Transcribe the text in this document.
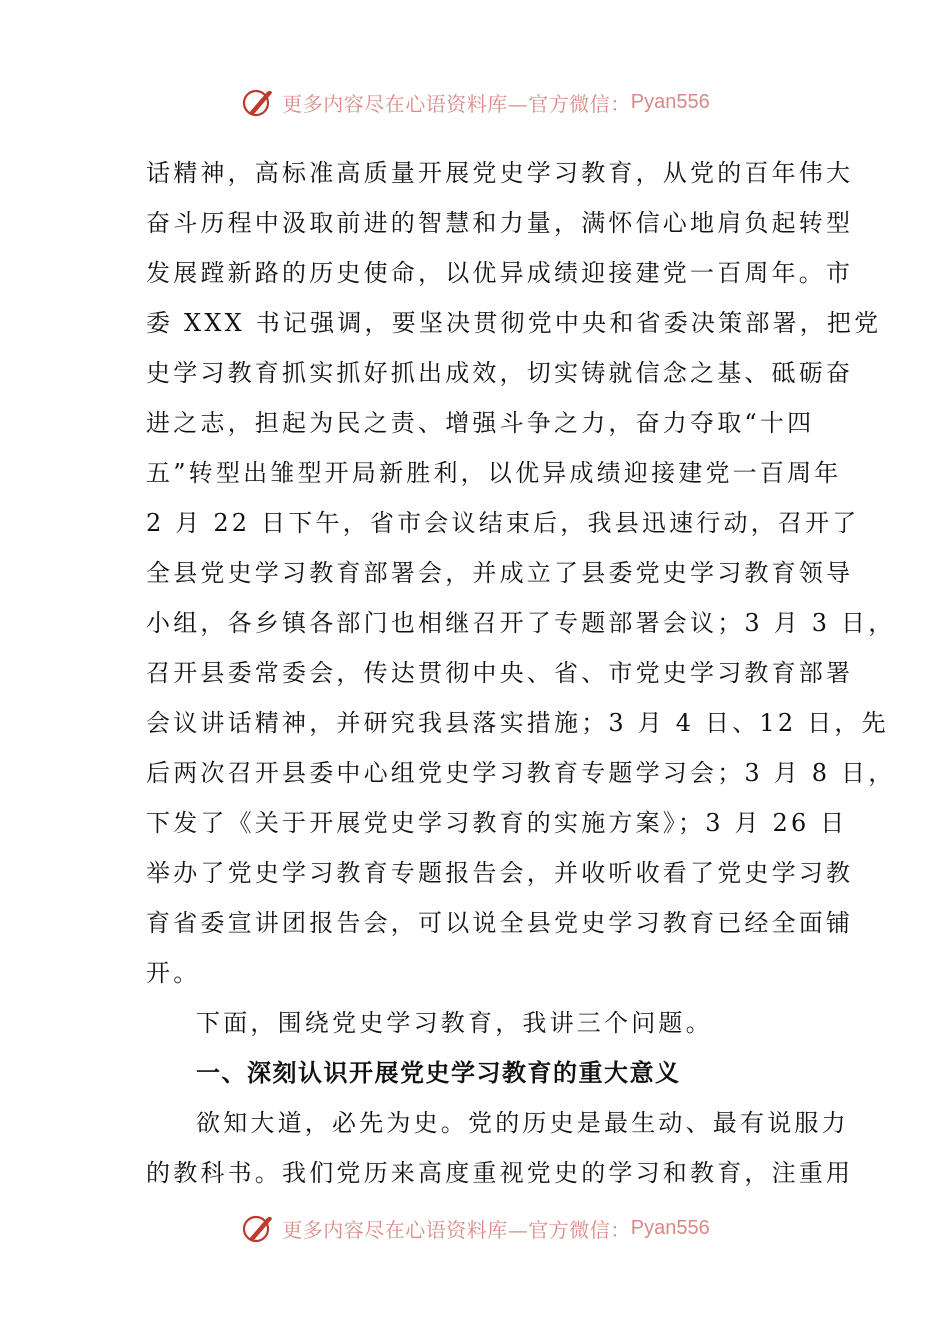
更多内容尽在心语资料库—官方微信： Pyan556
话精神，高标准高质量开展党史学习教育，从党的百年伟大
奋斗历程中汲取前进的智慧和力量，满怀信心地肩负起转型
发展蹚新路的历史使命，以优异成绩迎接建党一百周年。市
委 XXX 书记强调，要坚决贯彻党中央和省委决策部署，把党
史学习教育抓实抓好抓出成效，切实铸就信念之基、砥砺奋
进之志，担起为民之责、增强斗争之力，奋力夺取“十四
五”转型出雏型开局新胜利，以优异成绩迎接建党一百周年
2 月 22 日下午，省市会议结束后，我县迅速行动，召开了
全县党史学习教育部署会，并成立了县委党史学习教育领导
小组，各乡镇各部门也相继召开了专题部署会议；3 月 3 日，
召开县委常委会，传达贯彻中央、省、市党史学习教育部署
会议讲话精神，并研究我县落实措施；3 月 4 日、12 日，先
后两次召开县委中心组党史学习教育专题学习会；3 月 8 日，
下发了《关于开展党史学习教育的实施方案》；3 月 26 日
举办了党史学习教育专题报告会，并收听收看了党史学习教
育省委宣讲团报告会，可以说全县党史学习教育已经全面铺
开。
下面，围绕党史学习教育，我讲三个问题。
一、深刻认识开展党史学习教育的重大意义
欲知大道，必先为史。党的历史是最生动、最有说服力
的教科书。我们党历来高度重视党史的学习和教育，注重用
更多内容尽在心语资料库—官方微信： Pyan556
